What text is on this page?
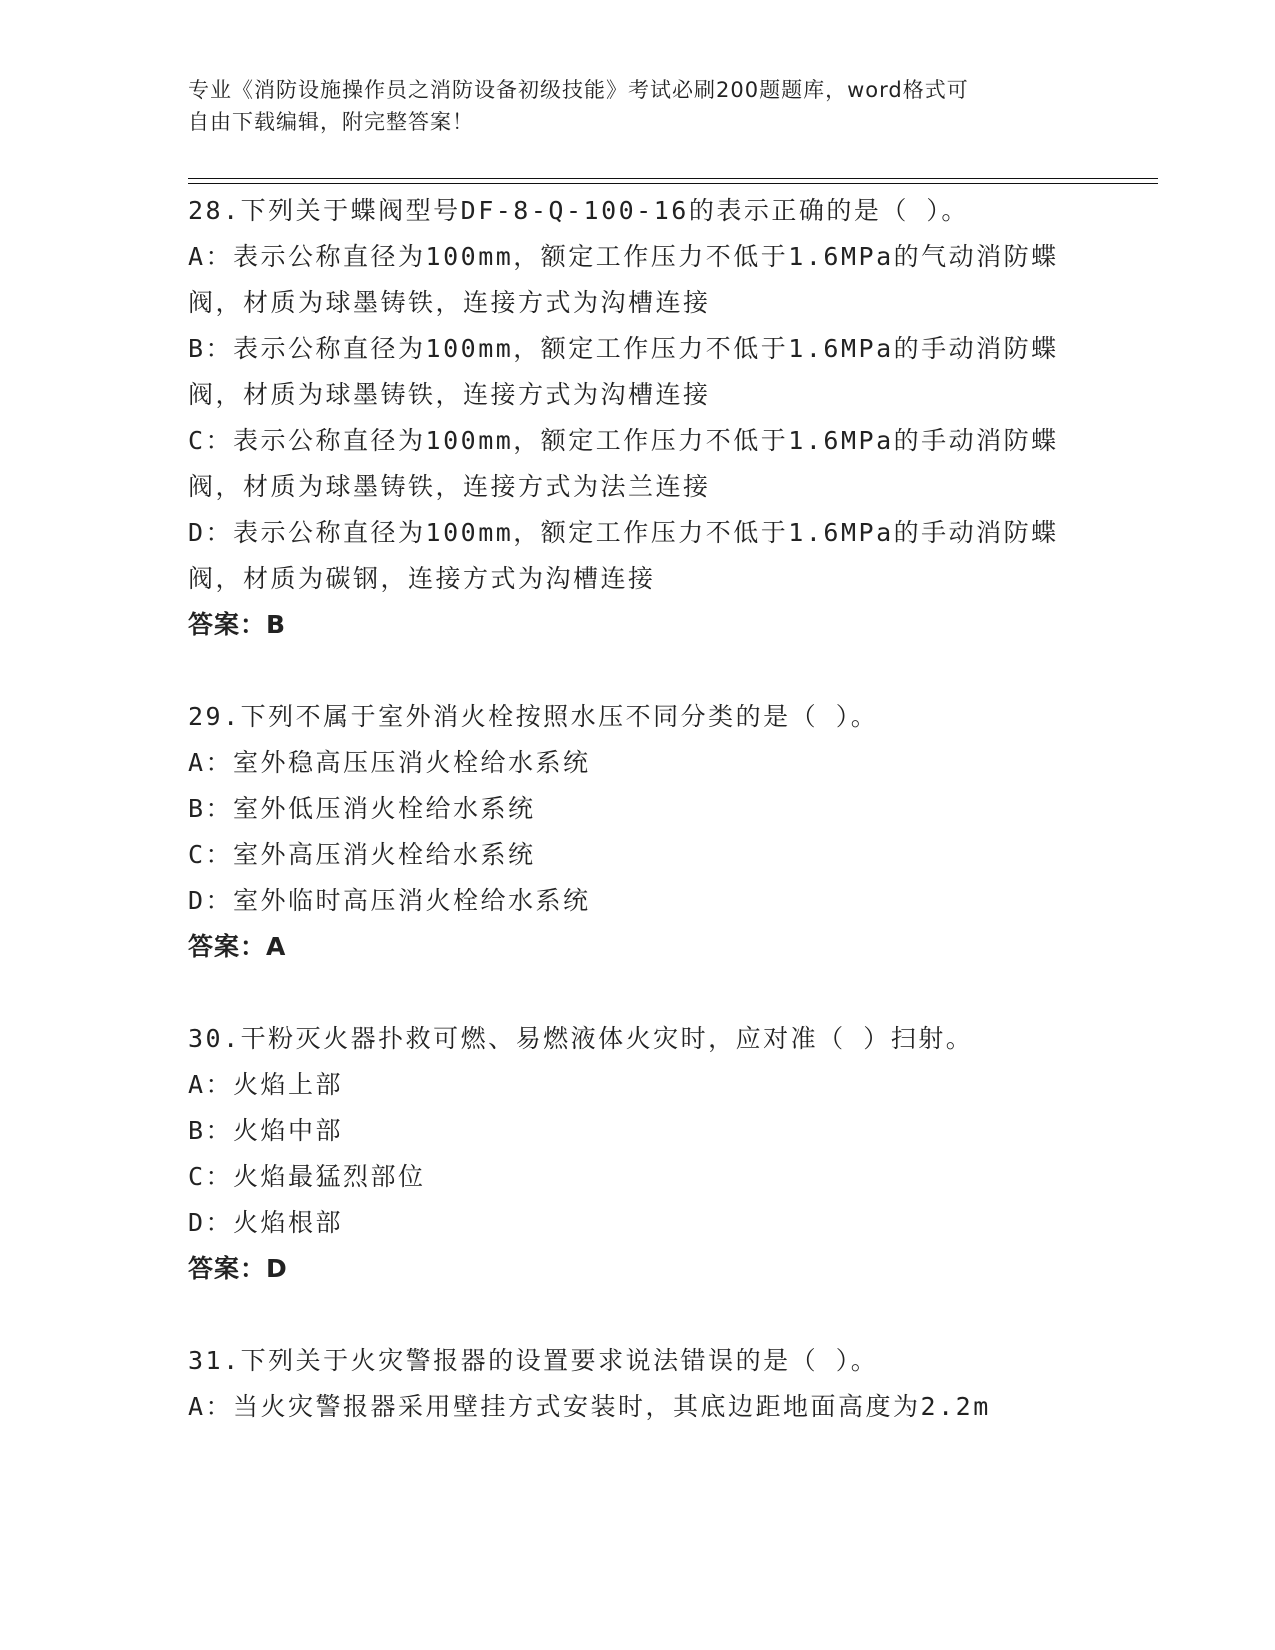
专业《消防设施操作员之消防设备初级技能》考试必刷200题题库，word格式可
自由下载编辑，附完整答案！
28.下列关于蝶阀型号DF-8-Q-100-16的表示正确的是（ ）。
A：表示公称直径为100mm，额定工作压力不低于1.6MPa的气动消防蝶
阀，材质为球墨铸铁，连接方式为沟槽连接
B：表示公称直径为100mm，额定工作压力不低于1.6MPa的手动消防蝶
阀，材质为球墨铸铁，连接方式为沟槽连接
C：表示公称直径为100mm，额定工作压力不低于1.6MPa的手动消防蝶
阀，材质为球墨铸铁，连接方式为法兰连接
D：表示公称直径为100mm，额定工作压力不低于1.6MPa的手动消防蝶
阀，材质为碳钢，连接方式为沟槽连接
答案：B
29.下列不属于室外消火栓按照水压不同分类的是（ ）。
A：室外稳高压压消火栓给水系统
B：室外低压消火栓给水系统
C：室外高压消火栓给水系统
D：室外临时高压消火栓给水系统
答案：A
30.干粉灭火器扑救可燃、易燃液体火灾时，应对准（ ）扫射。
A：火焰上部
B：火焰中部
C：火焰最猛烈部位
D：火焰根部
答案：D
31.下列关于火灾警报器的设置要求说法错误的是（ ）。
A：当火灾警报器采用壁挂方式安装时，其底边距地面高度为2.2m
